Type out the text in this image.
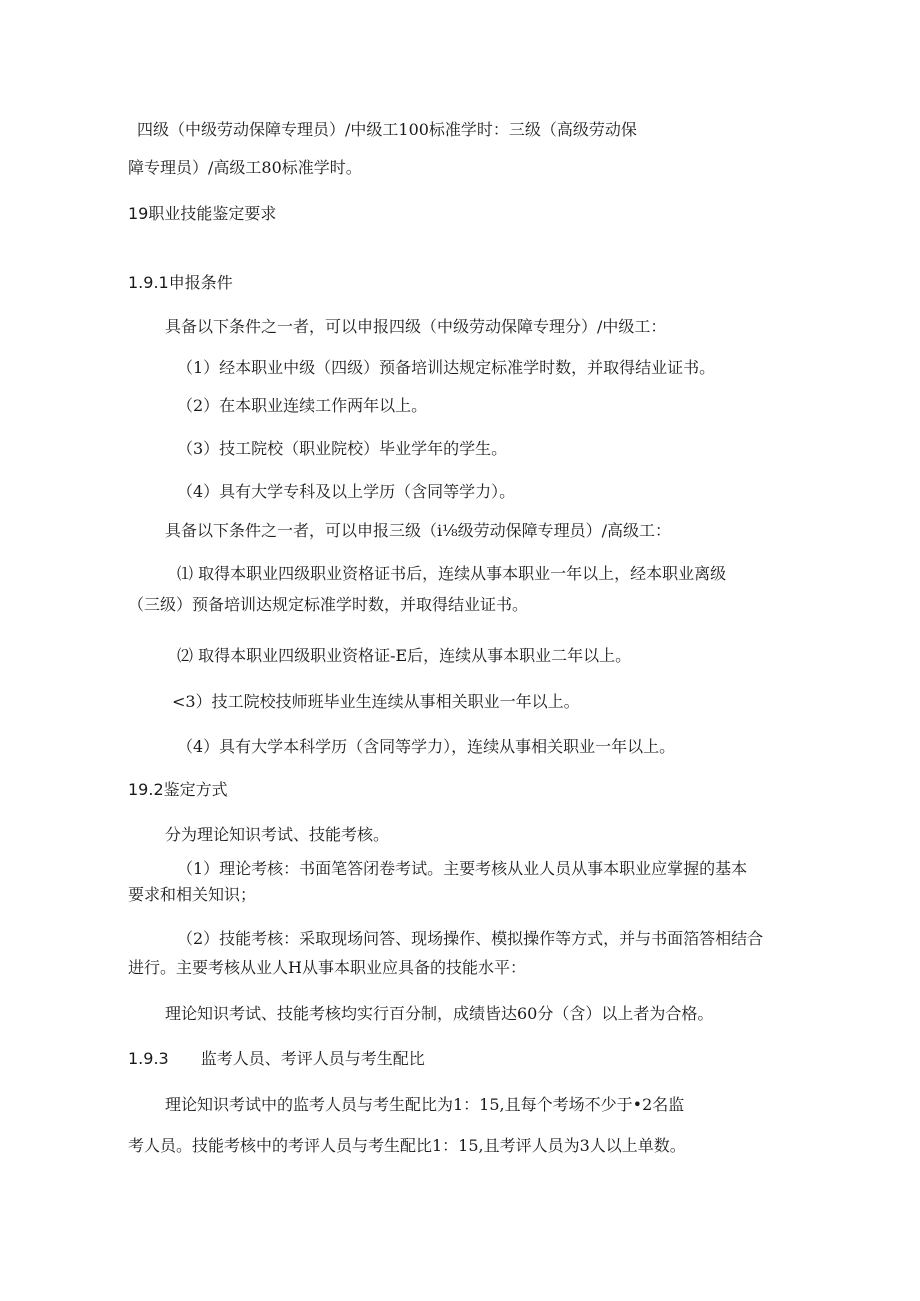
四级（中级劳动保障专理员）/中级工100标准学时：三级（高级劳动保
障专理员）/高级工80标准学时。
19职业技能鉴定要求
1.9.1申报条件
具备以下条件之一者，可以申报四级（中级劳动保障专理分）/中级工：
（1）经本职业中级（四级）预备培训达规定标准学时数，并取得结业证书。
（2）在本职业连续工作两年以上。
（3）技工院校（职业院校）毕业学年的学生。
（4）具有大学专科及以上学历（含同等学力）。
具备以下条件之一者，可以申报三级（i⅛级劳动保障专理员）/高级工：
⑴ 取得本职业四级职业资格证书后，连续从事本职业一年以上，经本职业离级
（三级）预备培训达规定标准学时数，并取得结业证书。
⑵ 取得本职业四级职业资格证-E后，连续从事本职业二年以上。
<3）技工院校技师班毕业生连续从事相关职业一年以上。
（4）具有大学本科学历（含同等学力），连续从事相关职业一年以上。
19.2鉴定方式
分为理论知识考试、技能考核。
（1）理论考核：书面笔答闭卷考试。主要考核从业人员从事本职业应掌握的基本
要求和相关知识；
（2）技能考核：采取现场问答、现场操作、模拟操作等方式，并与书面箔答相结合
进行。主要考核从业人H从事本职业应具备的技能水平：
理论知识考试、技能考核均实行百分制，成绩皆达60分（含）以上者为合格。
1.9.3　　监考人员、考评人员与考生配比
理论知识考试中的监考人员与考生配比为1：15,且每个考场不少于•2名监
考人员。技能考核中的考评人员与考生配比1：15,且考评人员为3人以上单数。
